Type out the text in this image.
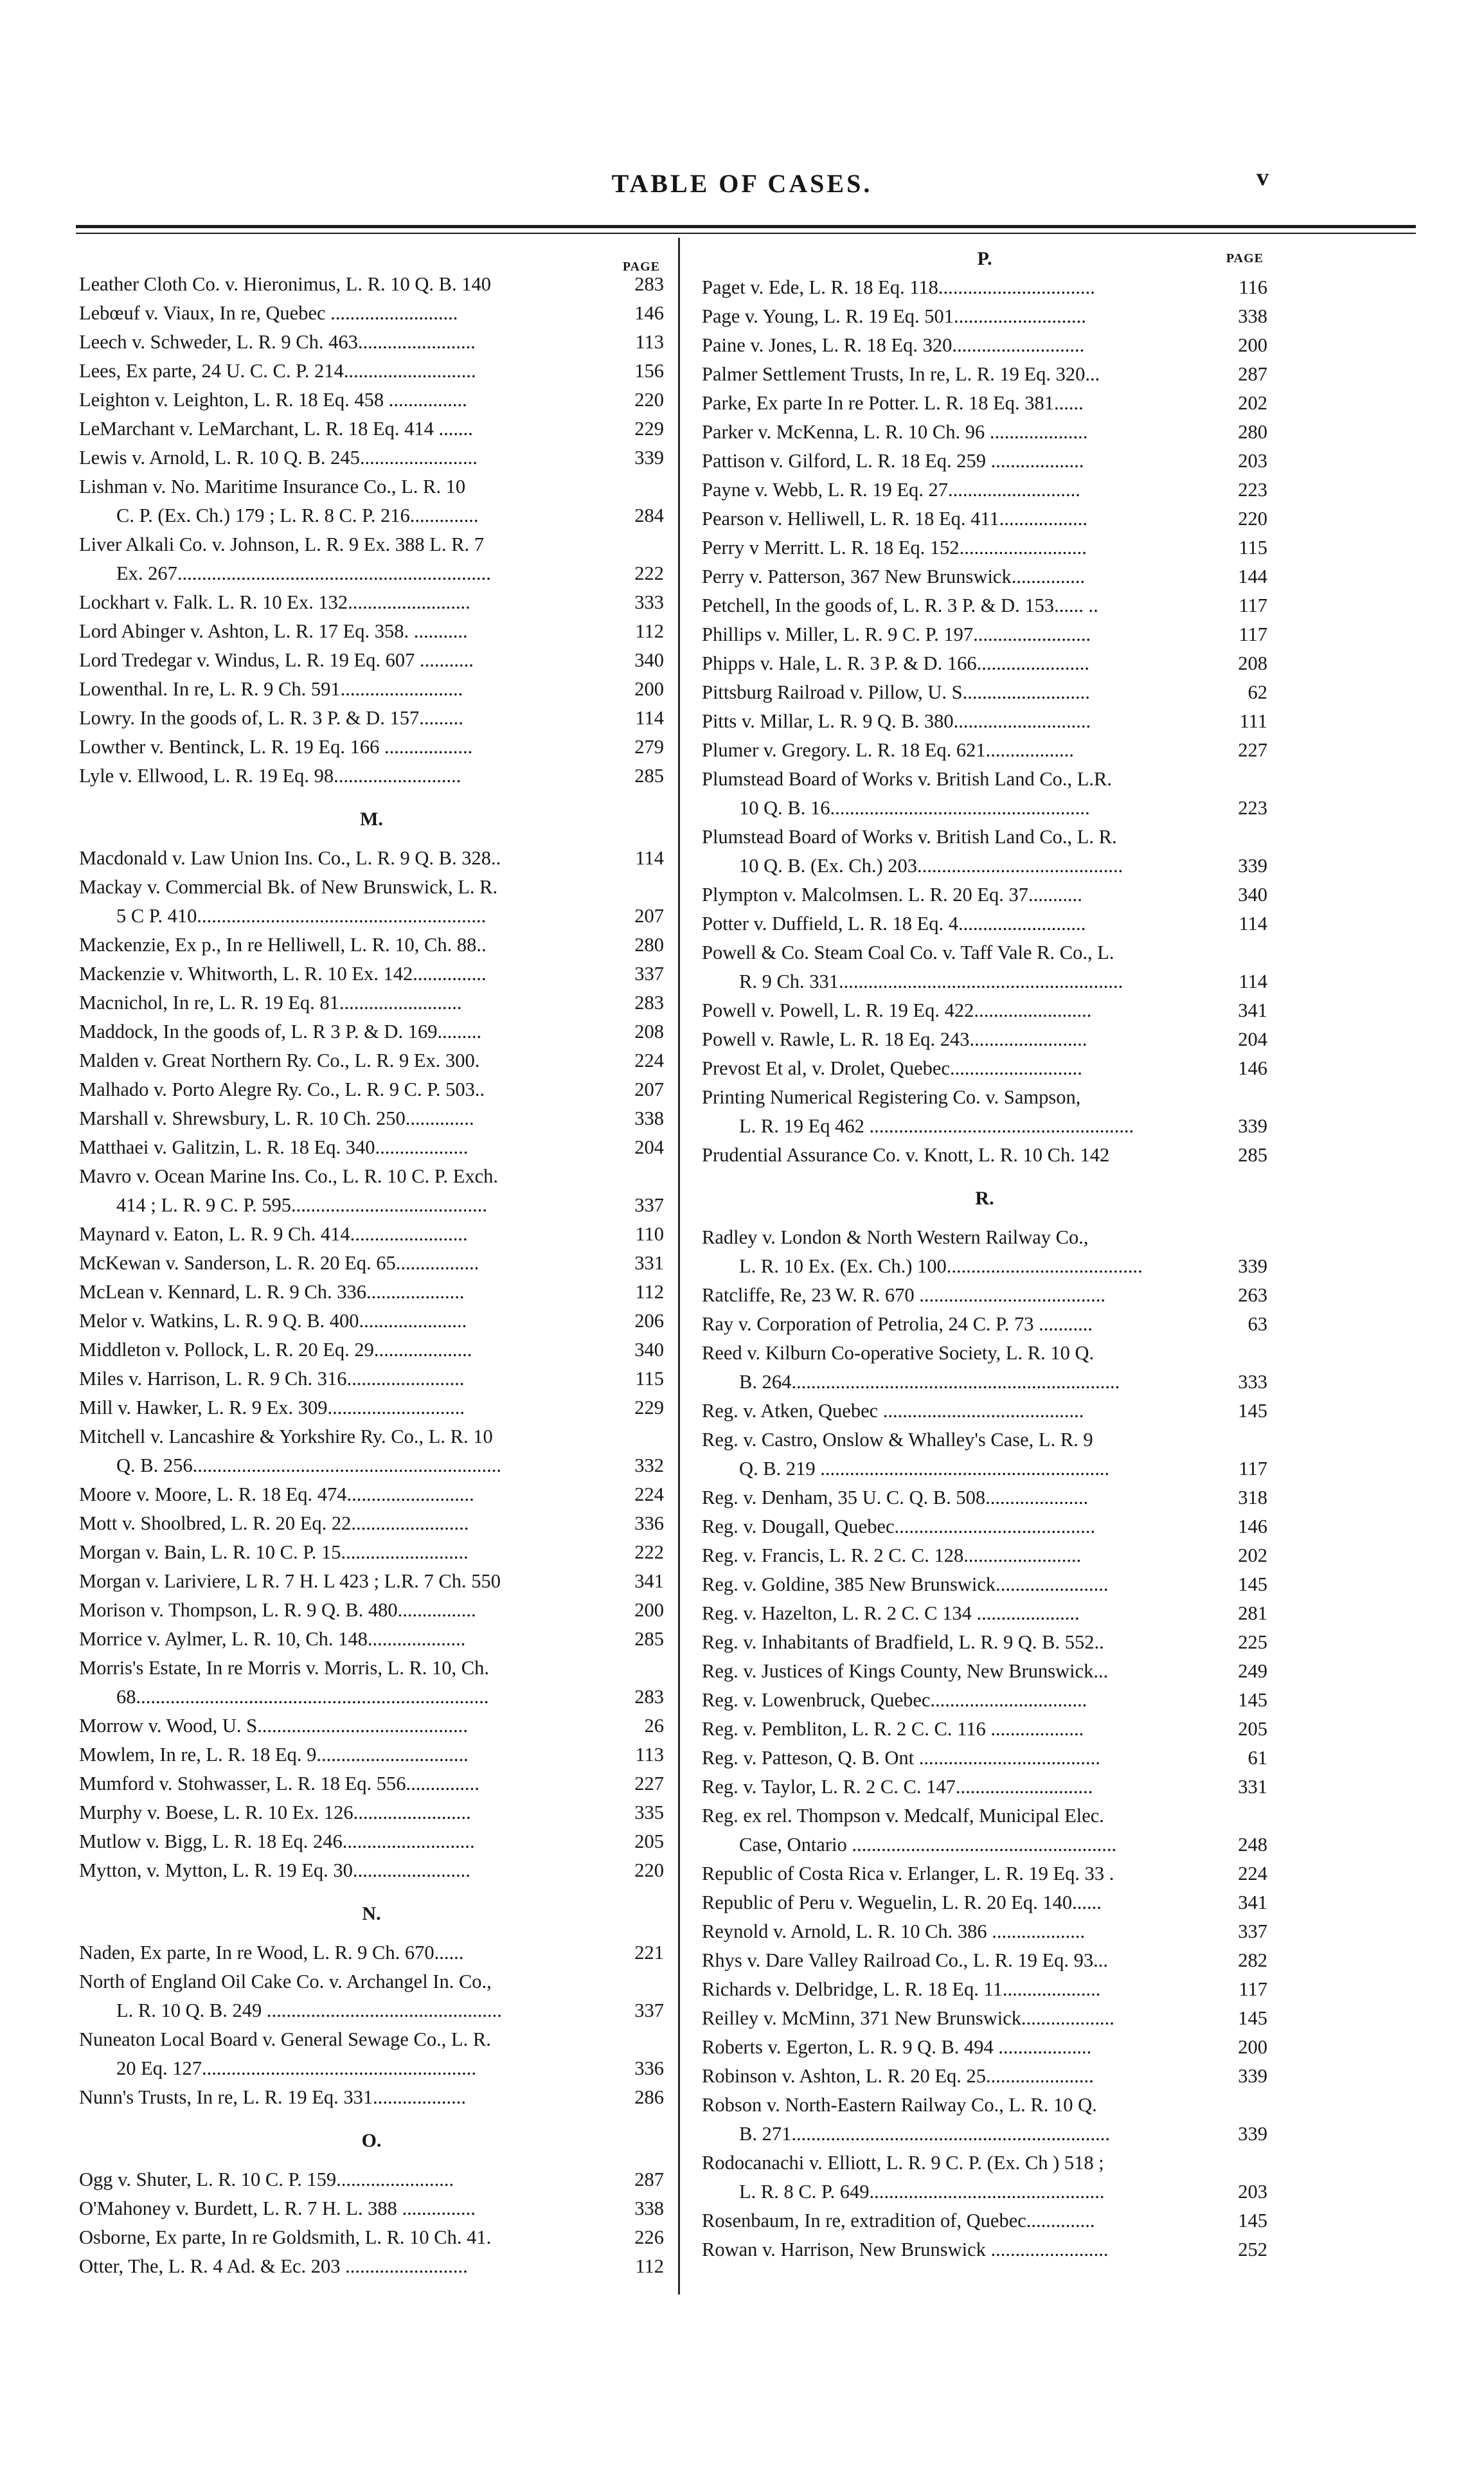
TABLE OF CASES.	v
PAGE
Leather Cloth Co. v. Hieronimus, L. R. 10 Q. B. 140	283
Lebœuf v. Viaux, In re, Quebec ..........................	146
Leech v. Schweder, L. R. 9 Ch. 463........................	113
Lees, Ex parte, 24 U. C. C. P. 214...........................	156
Leighton v. Leighton, L. R. 18 Eq. 458 ................	220
LeMarchant v. LeMarchant, L. R. 18 Eq. 414 .......	229
Lewis v. Arnold, L. R. 10 Q. B. 245........................	339
Lishman v. No. Maritime Insurance Co., L. R. 10
C. P. (Ex. Ch.) 179 ; L. R. 8 C. P. 216..............	284
Liver Alkali Co. v. Johnson, L. R. 9 Ex. 388 L. R. 7
Ex. 267................................................................	222
Lockhart v. Falk. L. R. 10 Ex. 132.........................	333
Lord Abinger v. Ashton, L. R. 17 Eq. 358. ...........	112
Lord Tredegar v. Windus, L. R. 19 Eq. 607 ...........	340
Lowenthal. In re, L. R. 9 Ch. 591.........................	200
Lowry. In the goods of, L. R. 3 P. & D. 157.........	114
Lowther v. Bentinck, L. R. 19 Eq. 166 ..................	279
Lyle v. Ellwood, L. R. 19 Eq. 98..........................	285
M.
Macdonald v. Law Union Ins. Co., L. R. 9 Q. B. 328..	114
Mackay v. Commercial Bk. of New Brunswick, L. R.
5 C P. 410...........................................................	207
Mackenzie, Ex p., In re Helliwell, L. R. 10, Ch. 88..	280
Mackenzie v. Whitworth, L. R. 10 Ex. 142...............	337
Macnichol, In re, L. R. 19 Eq. 81.........................	283
Maddock, In the goods of, L. R 3 P. & D. 169.........	208
Malden v. Great Northern Ry. Co., L. R. 9 Ex. 300.	224
Malhado v. Porto Alegre Ry. Co., L. R. 9 C. P. 503..	207
Marshall v. Shrewsbury, L. R. 10 Ch. 250..............	338
Matthaei v. Galitzin, L. R. 18 Eq. 340...................	204
Mavro v. Ocean Marine Ins. Co., L. R. 10 C. P. Exch.
414 ; L. R. 9 C. P. 595........................................	337
Maynard v. Eaton, L. R. 9 Ch. 414........................	110
McKewan v. Sanderson, L. R. 20 Eq. 65.................	331
McLean v. Kennard, L. R. 9 Ch. 336....................	112
Melor v. Watkins, L. R. 9 Q. B. 400......................	206
Middleton v. Pollock, L. R. 20 Eq. 29....................	340
Miles v. Harrison, L. R. 9 Ch. 316........................	115
Mill v. Hawker, L. R. 9 Ex. 309............................	229
Mitchell v. Lancashire & Yorkshire Ry. Co., L. R. 10
Q. B. 256...............................................................	332
Moore v. Moore, L. R. 18 Eq. 474..........................	224
Mott v. Shoolbred, L. R. 20 Eq. 22........................	336
Morgan v. Bain, L. R. 10 C. P. 15..........................	222
Morgan v. Lariviere, L R. 7 H. L 423 ; L.R. 7 Ch. 550	341
Morison v. Thompson, L. R. 9 Q. B. 480................	200
Morrice v. Aylmer, L. R. 10, Ch. 148....................	285
Morris's Estate, In re Morris v. Morris, L. R. 10, Ch.
68........................................................................	283
Morrow v. Wood, U. S...........................................	26
Mowlem, In re, L. R. 18 Eq. 9...............................	113
Mumford v. Stohwasser, L. R. 18 Eq. 556...............	227
Murphy v. Boese, L. R. 10 Ex. 126........................	335
Mutlow v. Bigg, L. R. 18 Eq. 246...........................	205
Mytton, v. Mytton, L. R. 19 Eq. 30........................	220
N.
Naden, Ex parte, In re Wood, L. R. 9 Ch. 670......	221
North of England Oil Cake Co. v. Archangel In. Co.,
L. R. 10 Q. B. 249 ................................................	337
Nuneaton Local Board v. General Sewage Co., L. R.
20 Eq. 127........................................................	336
Nunn's Trusts, In re, L. R. 19 Eq. 331...................	286
O.
Ogg v. Shuter, L. R. 10 C. P. 159........................	287
O'Mahoney v. Burdett, L. R. 7 H. L. 388 ...............	338
Osborne, Ex parte, In re Goldsmith, L. R. 10 Ch. 41.	226
Otter, The, L. R. 4 Ad. & Ec. 203 .........................	112
P.	PAGE
Paget v. Ede, L. R. 18 Eq. 118................................	116
Page v. Young, L. R. 19 Eq. 501...........................	338
Paine v. Jones, L. R. 18 Eq. 320...........................	200
Palmer Settlement Trusts, In re, L. R. 19 Eq. 320...	287
Parke, Ex parte In re Potter. L. R. 18 Eq. 381......	202
Parker v. McKenna, L. R. 10 Ch. 96 ....................	280
Pattison v. Gilford, L. R. 18 Eq. 259 ...................	203
Payne v. Webb, L. R. 19 Eq. 27...........................	223
Pearson v. Helliwell, L. R. 18 Eq. 411..................	220
Perry v Merritt. L. R. 18 Eq. 152..........................	115
Perry v. Patterson, 367 New Brunswick...............	144
Petchell, In the goods of, L. R. 3 P. & D. 153...... ..	117
Phillips v. Miller, L. R. 9 C. P. 197........................	117
Phipps v. Hale, L. R. 3 P. & D. 166.......................	208
Pittsburg Railroad v. Pillow, U. S..........................	62
Pitts v. Millar, L. R. 9 Q. B. 380............................	111
Plumer v. Gregory. L. R. 18 Eq. 621..................	227
Plumstead Board of Works v. British Land Co., L.R.
10 Q. B. 16.....................................................	223
Plumstead Board of Works v. British Land Co., L. R.
10 Q. B. (Ex. Ch.) 203..........................................	339
Plympton v. Malcolmsen. L. R. 20 Eq. 37...........	340
Potter v. Duffield, L. R. 18 Eq. 4..........................	114
Powell & Co. Steam Coal Co. v. Taff Vale R. Co., L.
R. 9 Ch. 331..........................................................	114
Powell v. Powell, L. R. 19 Eq. 422........................	341
Powell v. Rawle, L. R. 18 Eq. 243........................	204
Prevost Et al, v. Drolet, Quebec...........................	146
Printing Numerical Registering Co. v. Sampson,
L. R. 19 Eq 462 ......................................................	339
Prudential Assurance Co. v. Knott, L. R. 10 Ch. 142	285
R.
Radley v. London & North Western Railway Co.,
L. R. 10 Ex. (Ex. Ch.) 100........................................	339
Ratcliffe, Re, 23 W. R. 670 ......................................	263
Ray v. Corporation of Petrolia, 24 C. P. 73 ...........	63
Reed v. Kilburn Co-operative Society, L. R. 10 Q.
B. 264...................................................................	333
Reg. v. Atken, Quebec .........................................	145
Reg. v. Castro, Onslow & Whalley's Case, L. R. 9
Q. B. 219 ...........................................................	117
Reg. v. Denham, 35 U. C. Q. B. 508.....................	318
Reg. v. Dougall, Quebec.........................................	146
Reg. v. Francis, L. R. 2 C. C. 128........................	202
Reg. v. Goldine, 385 New Brunswick.......................	145
Reg. v. Hazelton, L. R. 2 C. C 134 .....................	281
Reg. v. Inhabitants of Bradfield, L. R. 9 Q. B. 552..	225
Reg. v. Justices of Kings County, New Brunswick...	249
Reg. v. Lowenbruck, Quebec................................	145
Reg. v. Pembliton, L. R. 2 C. C. 116 ...................	205
Reg. v. Patteson, Q. B. Ont .....................................	61
Reg. v. Taylor, L. R. 2 C. C. 147............................	331
Reg. ex rel. Thompson v. Medcalf, Municipal Elec.
Case, Ontario ......................................................	248
Republic of Costa Rica v. Erlanger, L. R. 19 Eq. 33 .	224
Republic of Peru v. Weguelin, L. R. 20 Eq. 140......	341
Reynold v. Arnold, L. R. 10 Ch. 386 ...................	337
Rhys v. Dare Valley Railroad Co., L. R. 19 Eq. 93...	282
Richards v. Delbridge, L. R. 18 Eq. 11....................	117
Reilley v. McMinn, 371 New Brunswick...................	145
Roberts v. Egerton, L. R. 9 Q. B. 494 ...................	200
Robinson v. Ashton, L. R. 20 Eq. 25......................	339
Robson v. North-Eastern Railway Co., L. R. 10 Q.
B. 271.................................................................	339
Rodocanachi v. Elliott, L. R. 9 C. P. (Ex. Ch ) 518 ;
L. R. 8 C. P. 649................................................	203
Rosenbaum, In re, extradition of, Quebec..............	145
Rowan v. Harrison, New Brunswick ........................	252
